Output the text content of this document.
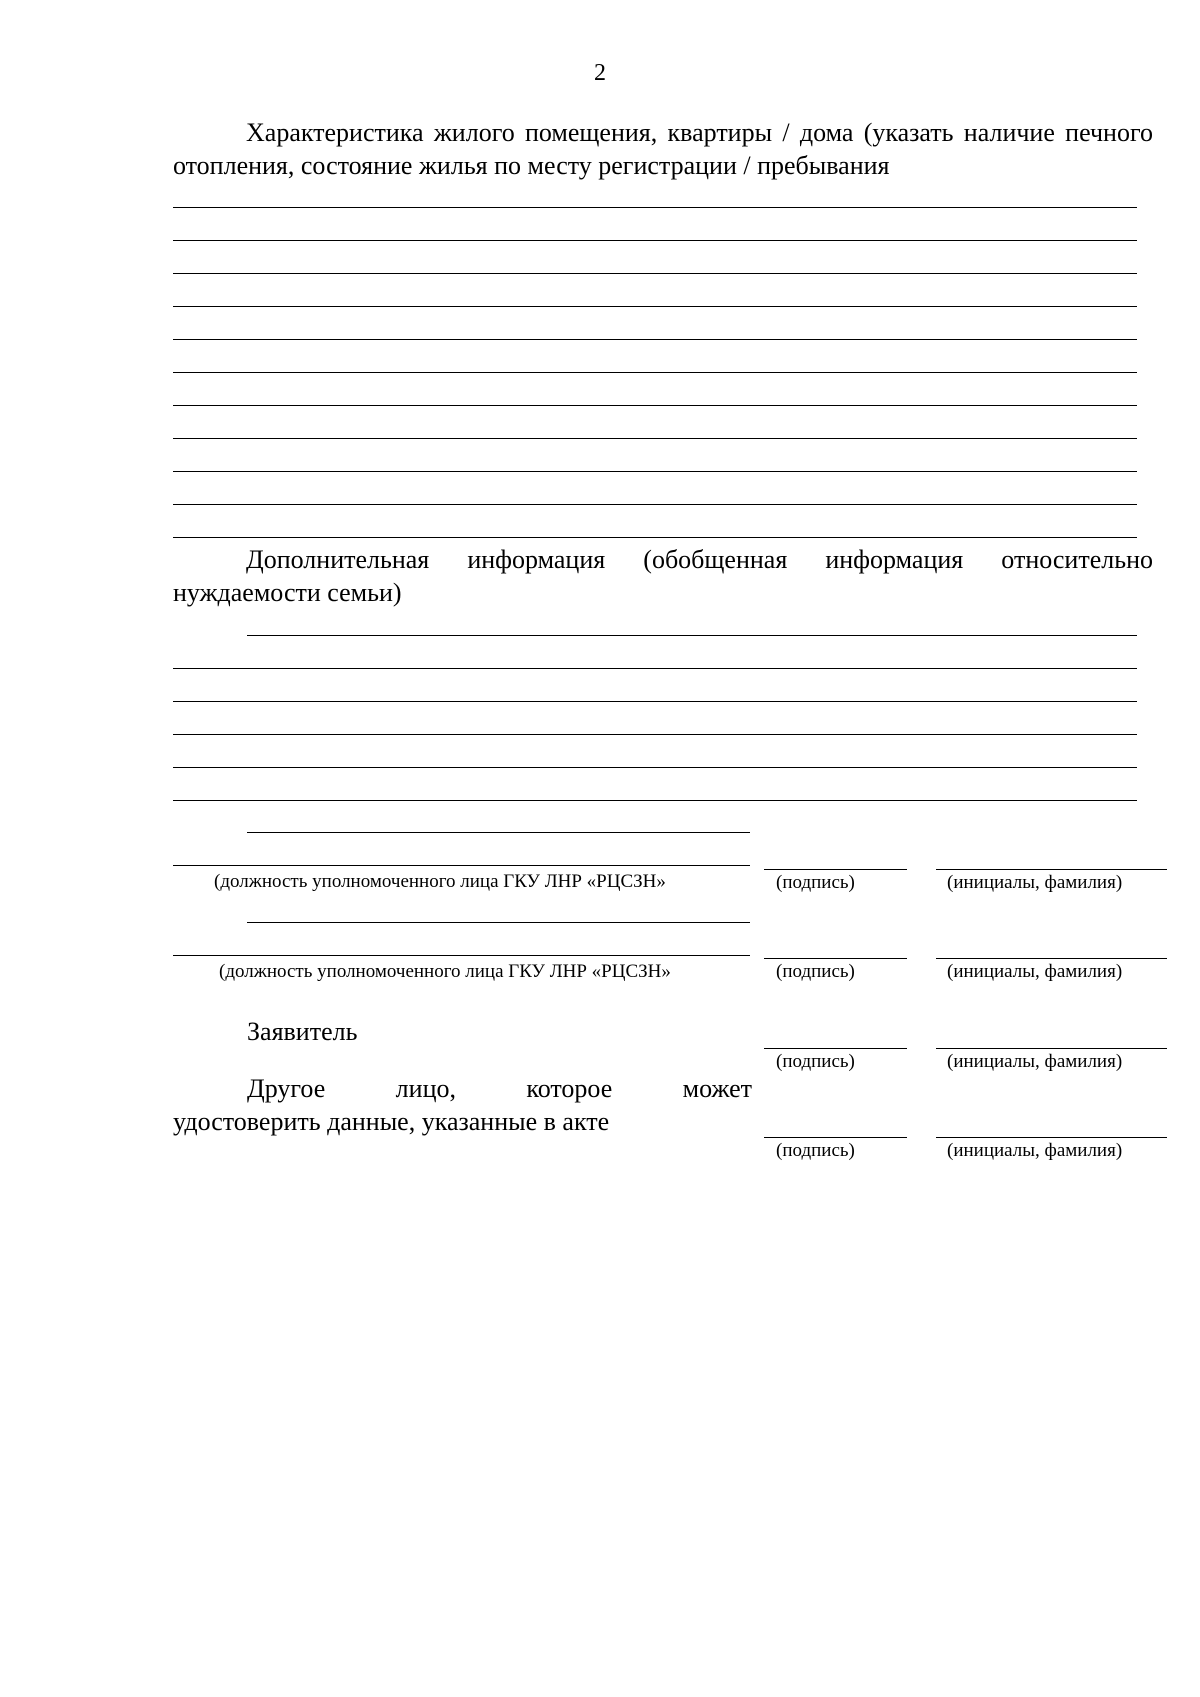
2
Характеристика жилого помещения, квартиры / дома (указать наличие печного отопления, состояние жилья по месту регистрации / пребывания
Дополнительная информация (обобщенная информация относительно нуждаемости семьи)
(должность уполномоченного лица ГКУ ЛНР «РЦСЗН»	(подпись)	(инициалы, фамилия)
(должность уполномоченного лица ГКУ ЛНР «РЦСЗН»	(подпись)	(инициалы, фамилия)
Заявитель
(подпись)	(инициалы, фамилия)
Другое лицо, которое может
удостоверить данные, указанные в акте
(подпись)	(инициалы, фамилия)
